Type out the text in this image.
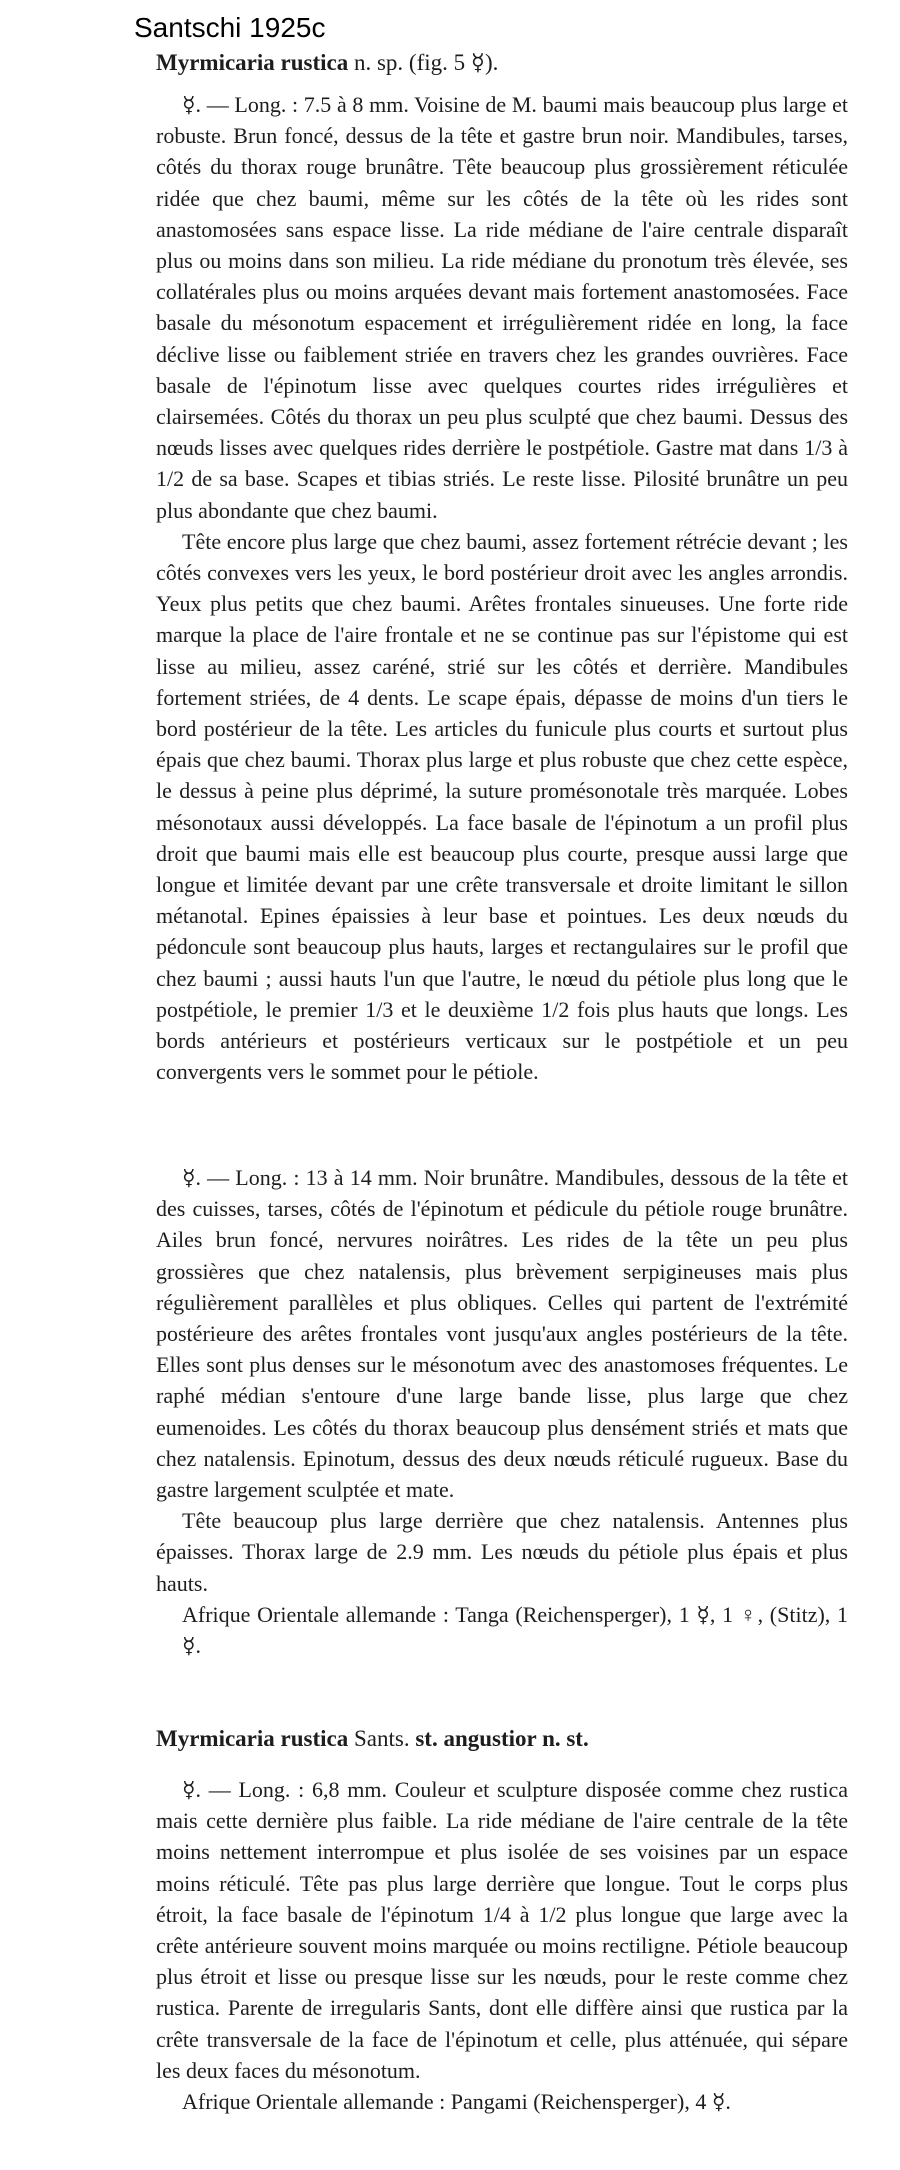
Santschi 1925c
Myrmicaria rustica n. sp. (fig. 5 ☿).

☿. — Long. : 7.5 à 8 mm. Voisine de M. baumi mais beaucoup plus large et robuste. Brun foncé, dessus de la tête et gastre brun noir. Mandibules, tarses, côtés du thorax rouge brunâtre. Tête beaucoup plus grossièrement réticulée ridée que chez baumi, même sur les côtés de la tête où les rides sont anastomosées sans espace lisse. La ride médiane de l'aire centrale disparaît plus ou moins dans son milieu. La ride médiane du pronotum très élevée, ses collatérales plus ou moins arquées devant mais fortement anastomosées. Face basale du mésonotum espacement et irrégulièrement ridée en long, la face déclive lisse ou faiblement striée en travers chez les grandes ouvrières. Face basale de l'épinotum lisse avec quelques courtes rides irrégulières et clairsemées. Côtés du thorax un peu plus sculpté que chez baumi. Dessus des nœuds lisses avec quelques rides derrière le postpétiole. Gastre mat dans 1/3 à 1/2 de sa base. Scapes et tibias striés. Le reste lisse. Pilosité brunâtre un peu plus abondante que chez baumi.

Tête encore plus large que chez baumi, assez fortement rétrécie devant ; les côtés convexes vers les yeux, le bord postérieur droit avec les angles arrondis. Yeux plus petits que chez baumi. Arêtes frontales sinueuses. Une forte ride marque la place de l'aire frontale et ne se continue pas sur l'épistome qui est lisse au milieu, assez caréné, strié sur les côtés et derrière. Mandibules fortement striées, de 4 dents. Le scape épais, dépasse de moins d'un tiers le bord postérieur de la tête. Les articles du funicule plus courts et surtout plus épais que chez baumi. Thorax plus large et plus robuste que chez cette espèce, le dessus à peine plus déprimé, la suture promésonotale très marquée. Lobes mésonotaux aussi développés. La face basale de l'épinotum a un profil plus droit que baumi mais elle est beaucoup plus courte, presque aussi large que longue et limitée devant par une crête transversale et droite limitant le sillon métanotal. Epines épaissies à leur base et pointues. Les deux nœuds du pédoncule sont beaucoup plus hauts, larges et rectangulaires sur le profil que chez baumi ; aussi hauts l'un que l'autre, le nœud du pétiole plus long que le postpétiole, le premier 1/3 et le deuxième 1/2 fois plus hauts que longs. Les bords antérieurs et postérieurs verticaux sur le postpétiole et un peu convergents vers le sommet pour le pétiole.

☿. — Long. : 13 à 14 mm. Noir brunâtre. Mandibules, dessous de la tête et des cuisses, tarses, côtés de l'épinotum et pédicule du pétiole rouge brunâtre. Ailes brun foncé, nervures noirâtres. Les rides de la tête un peu plus grossières que chez natalensis, plus brèvement serpigineuses mais plus régulièrement parallèles et plus obliques. Celles qui partent de l'extrémité postérieure des arêtes frontales vont jusqu'aux angles postérieurs de la tête. Elles sont plus denses sur le mésonotum avec des anastomoses fréquentes. Le raphé médian s'entoure d'une large bande lisse, plus large que chez eumenoides. Les côtés du thorax beaucoup plus densément striés et mats que chez natalensis. Epinotum, dessus des deux nœuds réticulé rugueux. Base du gastre largement sculptée et mate.

Tête beaucoup plus large derrière que chez natalensis. Antennes plus épaisses. Thorax large de 2.9 mm. Les nœuds du pétiole plus épais et plus hauts.

Afrique Orientale allemande : Tanga (Reichensperger), 1 ☿, 1 ♀, (Stitz), 1 ☿.

Myrmicaria rustica Sants. st. angustior n. st.

☿. — Long. : 6,8 mm. Couleur et sculpture disposée comme chez rustica mais cette dernière plus faible. La ride médiane de l'aire centrale de la tête moins nettement interrompue et plus isolée de ses voisines par un espace moins réticulé. Tête pas plus large derrière que longue. Tout le corps plus étroit, la face basale de l'épinotum 1/4 à 1/2 plus longue que large avec la crête antérieure souvent moins marquée ou moins rectiligne. Pétiole beaucoup plus étroit et lisse ou presque lisse sur les nœuds, pour le reste comme chez rustica. Parente de irregularis Sants, dont elle diffère ainsi que rustica par la crête transversale de la face de l'épinotum et celle, plus atténuée, qui sépare les deux faces du mésonotum.

Afrique Orientale allemande : Pangami (Reichensperger), 4 ☿.
